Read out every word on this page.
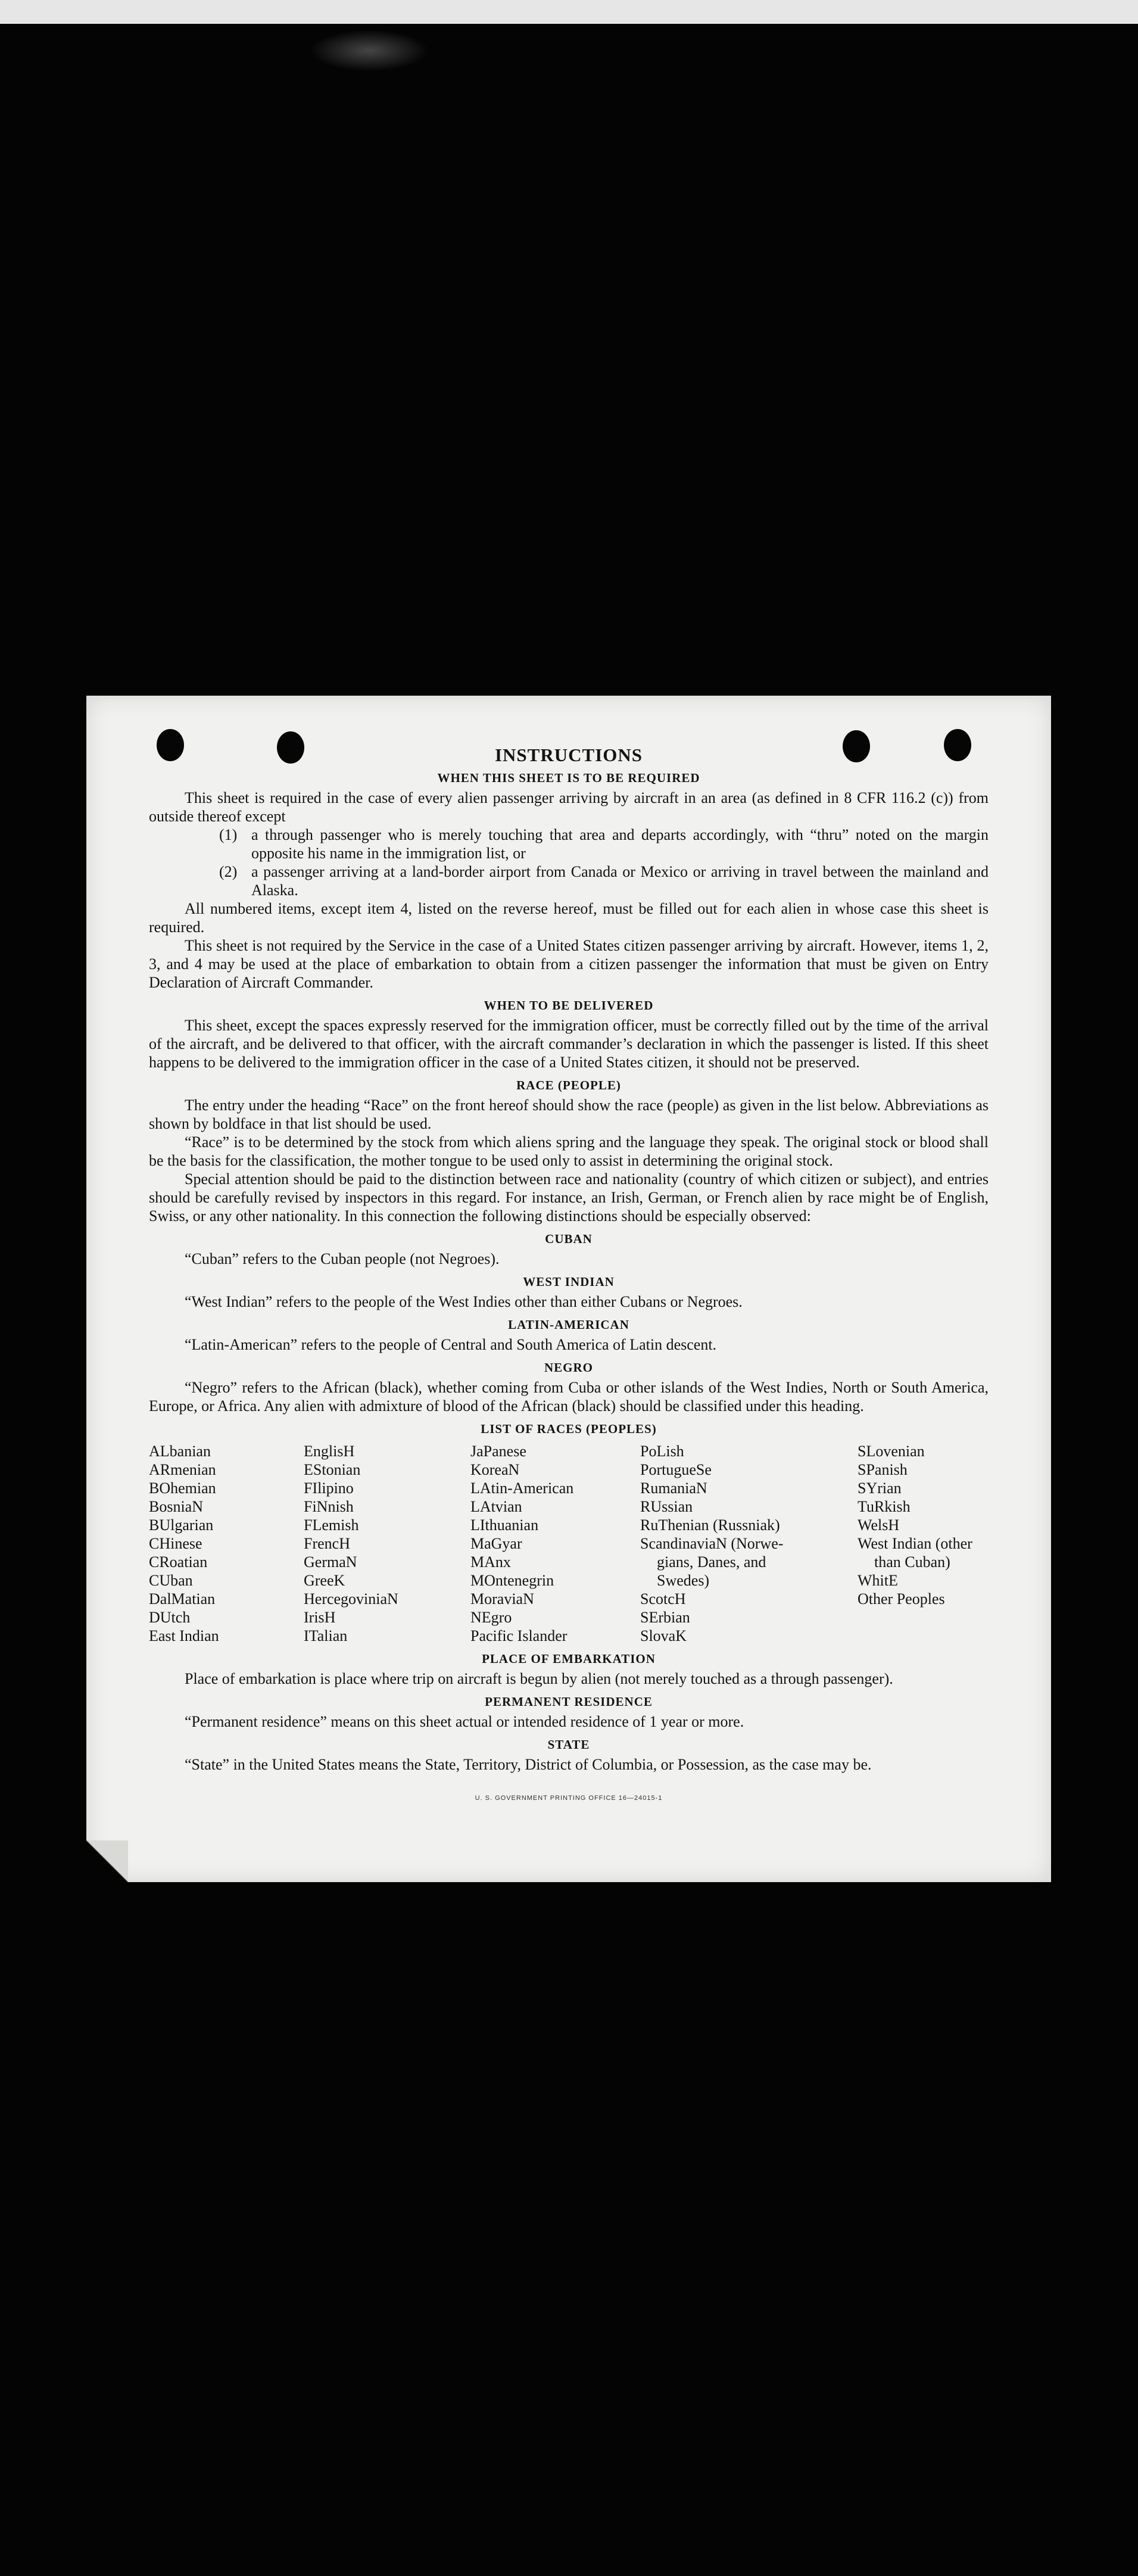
INSTRUCTIONS
WHEN THIS SHEET IS TO BE REQUIRED

This sheet is required in the case of every alien passenger arriving by aircraft in an area (as defined in 8 CFR 116.2 (c)) from outside thereof except

(1) a through passenger who is merely touching that area and departs accordingly, with “thru” noted on the margin opposite his name in the immigration list, or
(2) a passenger arriving at a land-border airport from Canada or Mexico or arriving in travel between the mainland and Alaska.

All numbered items, except item 4, listed on the reverse hereof, must be filled out for each alien in whose case this sheet is required.

This sheet is not required by the Service in the case of a United States citizen passenger arriving by aircraft. However, items 1, 2, 3, and 4 may be used at the place of embarkation to obtain from a citizen passenger the information that must be given on Entry Declaration of Aircraft Commander.

WHEN TO BE DELIVERED

This sheet, except the spaces expressly reserved for the immigration officer, must be correctly filled out by the time of the arrival of the aircraft, and be delivered to that officer, with the aircraft commander’s declaration in which the passenger is listed. If this sheet happens to be delivered to the immigration officer in the case of a United States citizen, it should not be preserved.

RACE (PEOPLE)

The entry under the heading “Race” on the front hereof should show the race (people) as given in the list below. Abbreviations as shown by boldface in that list should be used.

“Race” is to be determined by the stock from which aliens spring and the language they speak. The original stock or blood shall be the basis for the classification, the mother tongue to be used only to assist in determining the original stock.

Special attention should be paid to the distinction between race and nationality (country of which citizen or subject), and entries should be carefully revised by inspectors in this regard. For instance, an Irish, German, or French alien by race might be of English, Swiss, or any other nationality. In this connection the following distinctions should be especially observed:

CUBAN
“Cuban” refers to the Cuban people (not Negroes).
WEST INDIAN
“West Indian” refers to the people of the West Indies other than either Cubans or Negroes.
LATIN-AMERICAN
“Latin-American” refers to the people of Central and South America of Latin descent.
NEGRO

“Negro” refers to the African (black), whether coming from Cuba or other islands of the West Indies, North or South America, Europe, or Africa. Any alien with admixture of blood of the African (black) should be classified under this heading.

LIST OF RACES (PEOPLES)
ALbanian
ARmenian
BOhemian
BosniaN
BUlgarian
CHinese
CRoatian
CUban
DalMatian
DUtch
East Indian
EnglisH
EStonian
FIlipino
FiNnish
FLemish
FrencH
GermaN
GreeK
HercegoviniaN
IrisH
ITalian
JaPanese
KoreaN
LAtin-American
LAtvian
LIthuanian
MaGyar
MAnx
MOntenegrin
MoraviaN
NEgro
Pacific Islander
PoLish
PortugueSe
RumaniaN
RUssian
RuThenian (Russniak)
ScandinaviaN (Norwe-
gians, Danes, and
Swedes)
ScotcH
SErbian
SlovaK
SLovenian
SPanish
SYrian
TuRkish
WelsH
West Indian (other
than Cuban)
WhitE
Other Peoples
PLACE OF EMBARKATION

Place of embarkation is place where trip on aircraft is begun by alien (not merely touched as a through passenger).

PERMANENT RESIDENCE
“Permanent residence” means on this sheet actual or intended residence of 1 year or more.
STATE

“State” in the United States means the State, Territory, District of Columbia, or Possession, as the case may be.

U. S. GOVERNMENT PRINTING OFFICE 16—24015-1
